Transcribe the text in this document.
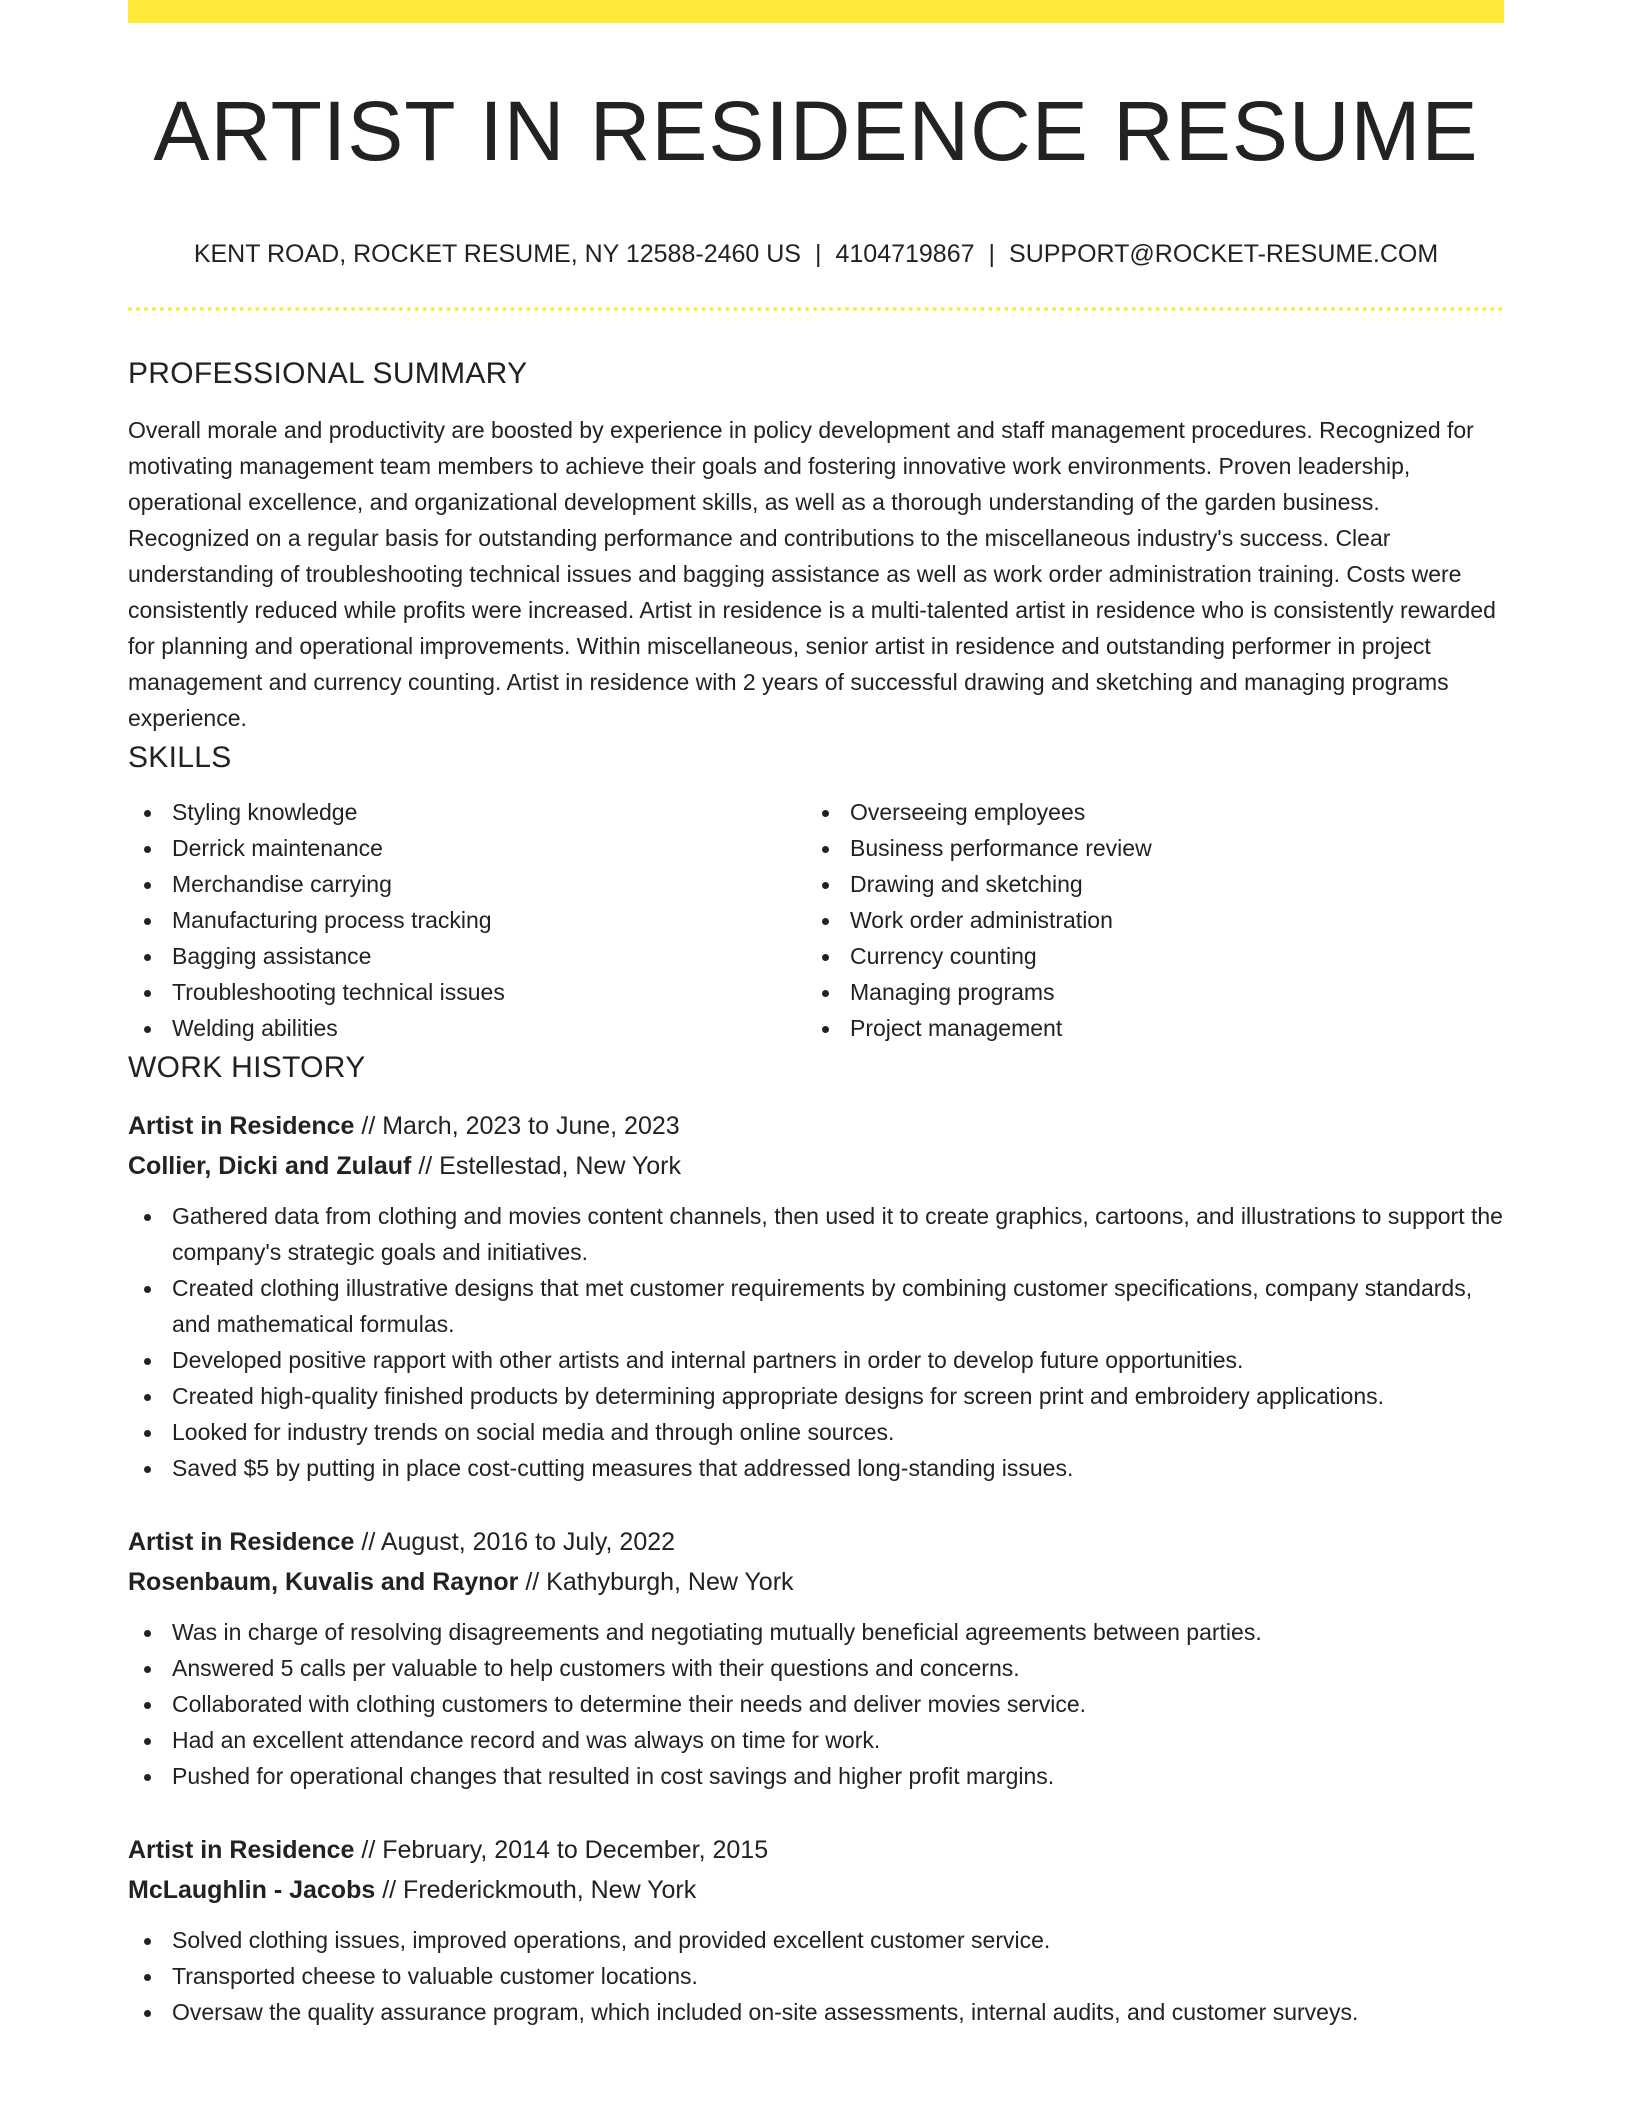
ARTIST IN RESIDENCE RESUME
KENT ROAD, ROCKET RESUME, NY 12588-2460 US | 4104719867 | SUPPORT@ROCKET-RESUME.COM
PROFESSIONAL SUMMARY

Overall morale and productivity are boosted by experience in policy development and staff management procedures. Recognized for motivating management team members to achieve their goals and fostering innovative work environments. Proven leadership, operational excellence, and organizational development skills, as well as a thorough understanding of the garden business. Recognized on a regular basis for outstanding performance and contributions to the miscellaneous industry's success. Clear understanding of troubleshooting technical issues and bagging assistance as well as work order administration training. Costs were consistently reduced while profits were increased. Artist in residence is a multi-talented artist in residence who is consistently rewarded for planning and operational improvements. Within miscellaneous, senior artist in residence and outstanding performer in project management and currency counting. Artist in residence with 2 years of successful drawing and sketching and managing programs experience.

SKILLS
Styling knowledge
Derrick maintenance
Merchandise carrying
Manufacturing process tracking
Bagging assistance
Troubleshooting technical issues
Welding abilities
Overseeing employees
Business performance review
Drawing and sketching
Work order administration
Currency counting
Managing programs
Project management
WORK HISTORY
Artist in Residence // March, 2023 to June, 2023
Collier, Dicki and Zulauf // Estellestad, New York
Gathered data from clothing and movies content channels, then used it to create graphics, cartoons, and illustrations to support the company's strategic goals and initiatives.
Created clothing illustrative designs that met customer requirements by combining customer specifications, company standards, and mathematical formulas.
Developed positive rapport with other artists and internal partners in order to develop future opportunities.
Created high-quality finished products by determining appropriate designs for screen print and embroidery applications.
Looked for industry trends on social media and through online sources.
Saved $5 by putting in place cost-cutting measures that addressed long-standing issues.
Artist in Residence // August, 2016 to July, 2022
Rosenbaum, Kuvalis and Raynor // Kathyburgh, New York
Was in charge of resolving disagreements and negotiating mutually beneficial agreements between parties.
Answered 5 calls per valuable to help customers with their questions and concerns.
Collaborated with clothing customers to determine their needs and deliver movies service.
Had an excellent attendance record and was always on time for work.
Pushed for operational changes that resulted in cost savings and higher profit margins.
Artist in Residence // February, 2014 to December, 2015
McLaughlin - Jacobs // Frederickmouth, New York
Solved clothing issues, improved operations, and provided excellent customer service.
Transported cheese to valuable customer locations.
Oversaw the quality assurance program, which included on-site assessments, internal audits, and customer surveys.
